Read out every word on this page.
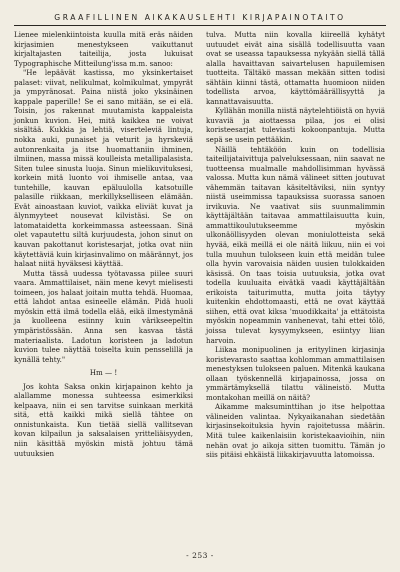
GRAAFILLINEN AIKAKAUSLEHTI KIRJAPAINOTAITO

Lienee mielenkiintoista kuulla mitä eräs näiden kirjasimien menestykseen vaikuttanut kirjaltajasten taiteilija, josta lukuisat Typographische Mitteilung'issa m.m. sanoo:

"He lepäävät kastissa, mo yksinkertaiset palaset: viivat, nelikulmat, kolmikulmat, ympyrät ja ympyränosat. Paina niistä joko yksinäinen kappale paperille! Se ei sano mitään, se ei elä. Toisin, jos rakennat muutamista kappaleista jonkun kuvion. Hei, mitä kaikkea ne voivat sisältää. Kukkia ja lehtiä, viserteleviä lintuja, nokka auki, punaiset ja veturit ja hyrskeviä autonrenkaita ja itse huomattaniin ihminen, ilmiinen, massa missä koulleista metallipalasista. Siten tulee sinusta luoja. Sinun mielikuvituksesi, korkein mitä luonto voi ihmiselle antaa, vaa tuntehille, kauvan epäluulolla katsotuille palasille riikkaan, merkillykselliseen elämään. Evät ainoastaan kuviot, vaikka eliviät kuvat ja älynmyyteet nousevat kilvistäsi. Se on latomataidetta korkeimmassa asteessaan. Sinä olet vapautettu siltä kurjuudesta, johon sinut on kauvan pakottanut koristesarjat, jotka ovat niin käytettäviä kuin kirjasinvalimo on määrännyt, jos halaat niitä hyväksesi käyttää.

Mutta tässä uudessa työtavassa piilee suuri vaara. Ammattilaiset, näin mene kevyt mielisesti toimeen, jos halaat joitain mutta tehdä. Huomaa, että lahdot antaa esineelle elämän. Pidä huoli myöskin että ilmä todella elää, eikä ilmestymänä ja kuolleena esiinny kuin värikseepeltin ympäristössään. Anna sen kasvaa tästä materiaalista. Ladotun koristeen ja ladotun kuvion tulee näyttää toiselta kuin pensselillä ja kynällä tehty."

Hm — !

Jos kohta Saksa onkin kirjapainon kehto ja alallamme monessa suhteessa esimerkiksi kelpaava, niin ei sen tarvitse suinkaan merkitä sitä, että kaikki mikä siellä tähtee on onnistunkaista. Kun tietää siellä vallitsevan kovan kilpailun ja saksalaisen yritteliäisyyden, niin käsittää myöskin mistä johtuu tämä uutuuksien

tulva. Mutta niin kovalla kiireellä kyhätyt uutuudet eivät aina sisällä todellisuutta vaan ovat se useassa tapauksessa nykyään siellä tällä alalla havaittavan saivartelusen hapuilemisen tuotteita. Tältäkö massan mekään sitten todisi sähtäin kiinni tästä, ottamatta huomioon niiden todellista arvoa, käyttömäärällisyyttä ja kannattavaisuutta.

Kyllähän monilla niistä näytelehtiöistä on hyviä kuvaviä ja aiottaessa pilaa, jos ei olisi koristeesarjat tuleviasti kokoonpantuja. Mutta sepä se usein pettääkin.

Näillä tehtäköön kuin on todellisia taiteilijataivittuja palveluksessaan, niin saavat ne tuotteensa mualmalle mahdollisimman hyvässä valossa. Mutta kun nämä välineet sitten joutuvat vähemmän taitavan käsiteltäviksi, niin syntyy niistä useimmissa tapauksissa suorassa sanoen irvikuvia. Ne vaativat siis suunmalimmin käyttäjältään taitavaa ammattilaisuutta kuin, ammattikoulutukseemme myöskin ulkonäöllisyyden olevan moniulotteista sekä hyvää, eikä meillä ei ole näitä liikuu, niin ei voi tulla muuhun tulokseen kuin että meidän tulee olla hyvin varovaisia näiden uusien tulokkaiden käsissä. On taas toisia uutuuksia, jotka ovat todella kuuluaita eivätkä vaadi käyttäjältään erikoista taiturimutta, mutta joita täytyy kuitenkin ehdottomaasti, että ne ovat käyttää siihen, että ovat kiksa 'muodikkaita' ja ettätoista myöskin nopeammin vanhenevat, tahi ettei tölö, joissa tulevat kysyymykseen, esiintyy liian harvoin.

Liikaa monipuolinen ja erityylinen kirjasinja koristevarasto saattaa kohlomman ammattilaisen menestyksen tulokseen paluen. Mitenkä kaukana ollaan työskennellä kirjapainossa, jossa on ymmärtämyksellä tilattu välineistö. Mutta montakohan meillä on näitä?

Aikamme maksuminttihan jo itse helpottaa välineiden valintaa. Nykyaikanahan siedetään kirjasinsekoituksia hyvin rajoitetussa määrin. Mitä tulee kaikenlaisiin koristekaavioihin, niin nehän ovat jo aikoja sitten tuomittu. Tämän jo siis pitäisi ehkäistä liikakirjavuutta latomoissa.

- 253 -
